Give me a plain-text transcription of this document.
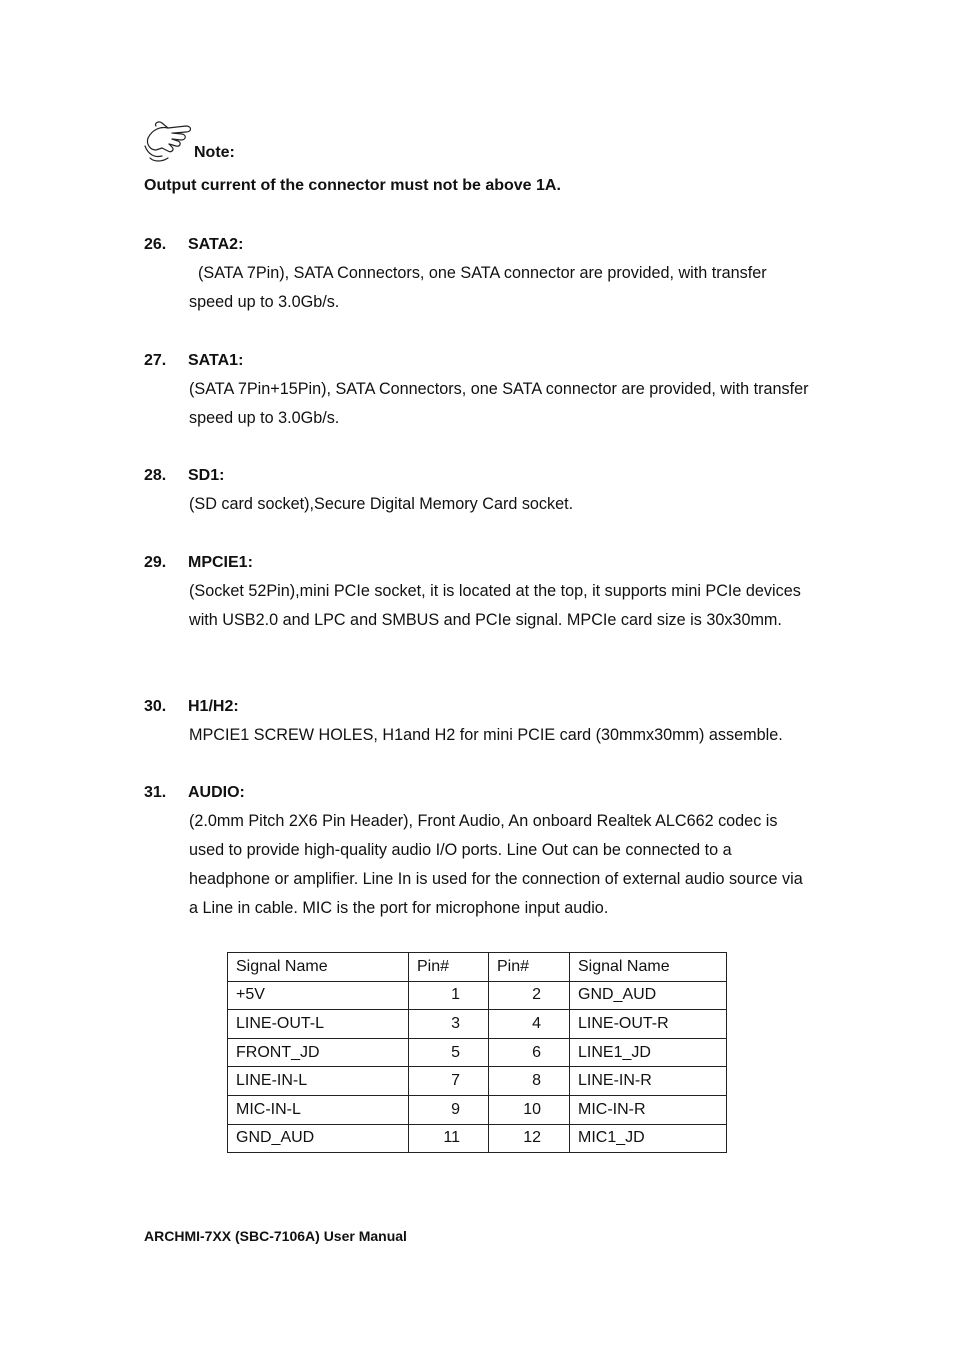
Note:
Output current of the connector must not be above 1A.
26. SATA2:
(SATA 7Pin), SATA Connectors, one SATA connector are provided, with transfer speed up to 3.0Gb/s.
27. SATA1:
(SATA 7Pin+15Pin), SATA Connectors, one SATA connector are provided, with transfer speed up to 3.0Gb/s.
28. SD1:
(SD card socket),Secure Digital Memory Card socket.
29. MPCIE1:
(Socket 52Pin),mini PCIe socket, it is located at the top, it supports mini PCIe devices with USB2.0 and LPC and SMBUS and PCIe signal. MPCIe card size is 30x30mm.
30. H1/H2:
MPCIE1 SCREW HOLES, H1and H2 for mini PCIE card (30mmx30mm) assemble.
31. AUDIO:
(2.0mm Pitch 2X6 Pin Header), Front Audio, An onboard Realtek ALC662 codec is used to provide high-quality audio I/O ports. Line Out can be connected to a headphone or amplifier. Line In is used for the connection of external audio source via a Line in cable. MIC is the port for microphone input audio.
Signal Name	Pin#	Pin#	Signal Name
+5V	1	2	GND_AUD
LINE-OUT-L	3	4	LINE-OUT-R
FRONT_JD	5	6	LINE1_JD
LINE-IN-L	7	8	LINE-IN-R
MIC-IN-L	9	10	MIC-IN-R
GND_AUD	11	12	MIC1_JD
ARCHMI-7XX (SBC-7106A) User Manual
